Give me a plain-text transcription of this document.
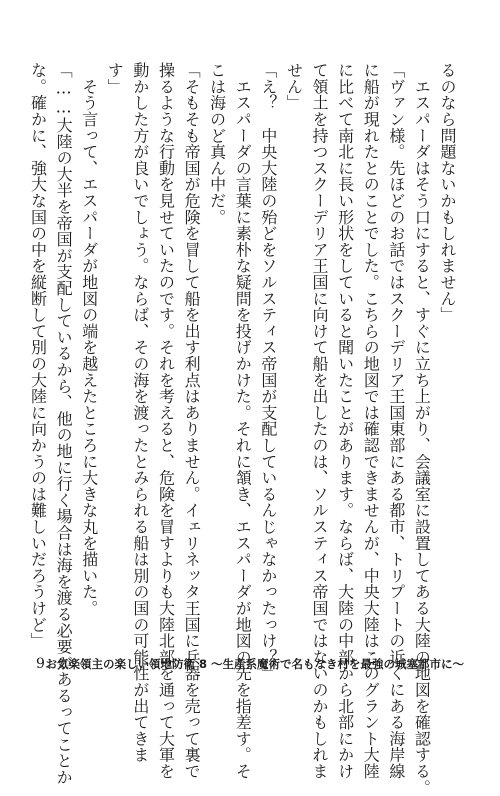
るのなら問題ないかもしれません」
　エスパーダはそう口にすると、すぐに立ち上がり、会議室に設置してある大陸の地図を確認する。
「ヴァン様。先ほどのお話ではスクーデリア王国東部にある都市、トリプートの近くにある海岸線
に船が現れたとのことでした。こちらの地図では確認できませんが、中央大陸はこのグラント大陸
に比べて南北に長い形状をしていると聞いたことがあります。ならば、大陸の中部から北部にかけ
て領土を持つスクーデリア王国に向けて船を出したのは、ソルスティス帝国ではないのかもしれま
せん」
「え？　中央大陸の殆どをソルスティス帝国が支配しているんじゃなかったっけ？」
　エスパーダの言葉に素朴な疑問を投げかけた。それに頷き、エスパーダが地図の先を指差す。そ
こは海のど真ん中だ。
「そもそも帝国が危険を冒して船を出す利点はありません。イェリネッタ王国に兵器を売って裏で
操るような行動を見せていたのです。それを考えると、危険を冒すよりも大陸北部を通って大軍を
動かした方が良いでしょう。ならば、その海を渡ったとみられる船は別の国の可能性が出てきま
す」
　そう言って、エスパーダが地図の端を越えたところに大きな丸を描いた。
「……大陸の大半を帝国が支配しているから、他の地に行く場合は海を渡る必要があるってことか
な。確かに、強大な国の中を縦断して別の大陸に向かうのは難しいだろうけど」
9 お気楽領主の楽しい領地防衛 8 ～生産系魔術で名もなき村を最強の城塞都市に～
